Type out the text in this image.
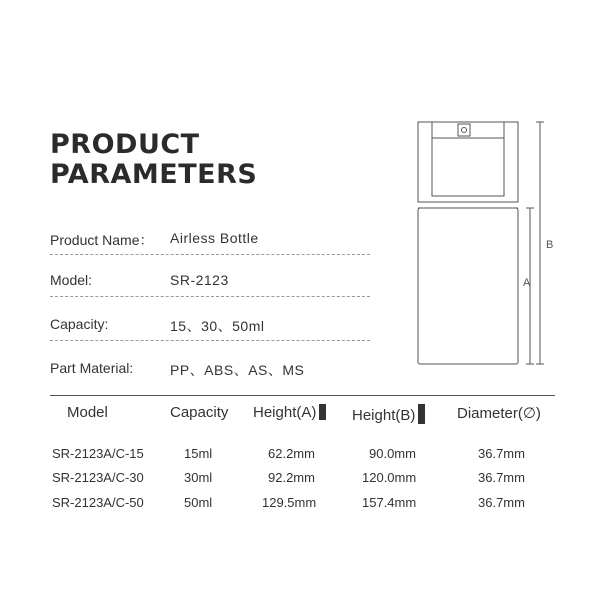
PRODUCT
PARAMETERS
Product Name： Airless Bottle
Model:	SR-2123
Capacity:	15、30、50ml
Part Material:	PP、ABS、AS、MS
Model	Capacity Height(A)	Height(B)	Diameter(∅)
SR-2123A/C-15	15ml	62.2mm	90.0mm	36.7mm
SR-2123A/C-30	30ml	92.2mm	120.0mm	36.7mm
SR-2123A/C-50	50ml	129.5mm	157.4mm	36.7mm
A
B
